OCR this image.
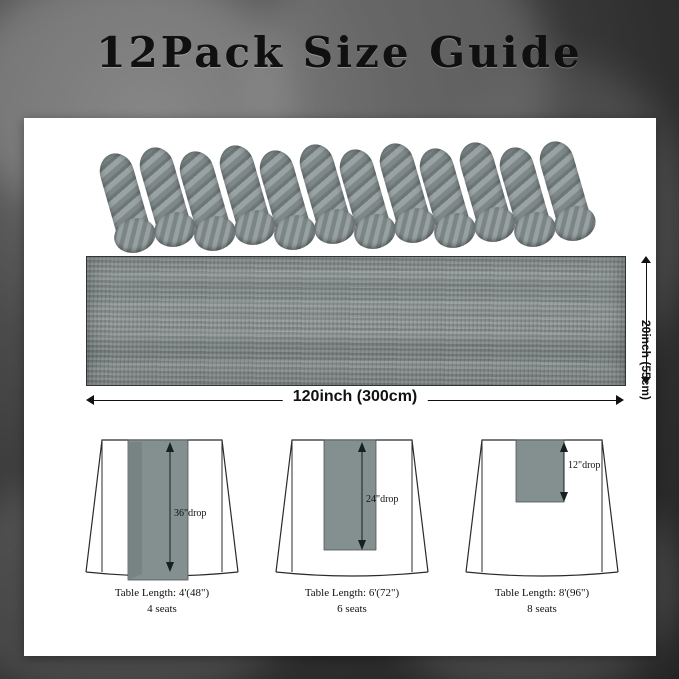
12Pack Size Guide
20inch (55cm)
120inch (300cm)
36"drop
Table Length: 4'(48")
4 seats
24"drop
Table Length: 6'(72")
6 seats
12"drop
Table Length: 8'(96")
8 seats
